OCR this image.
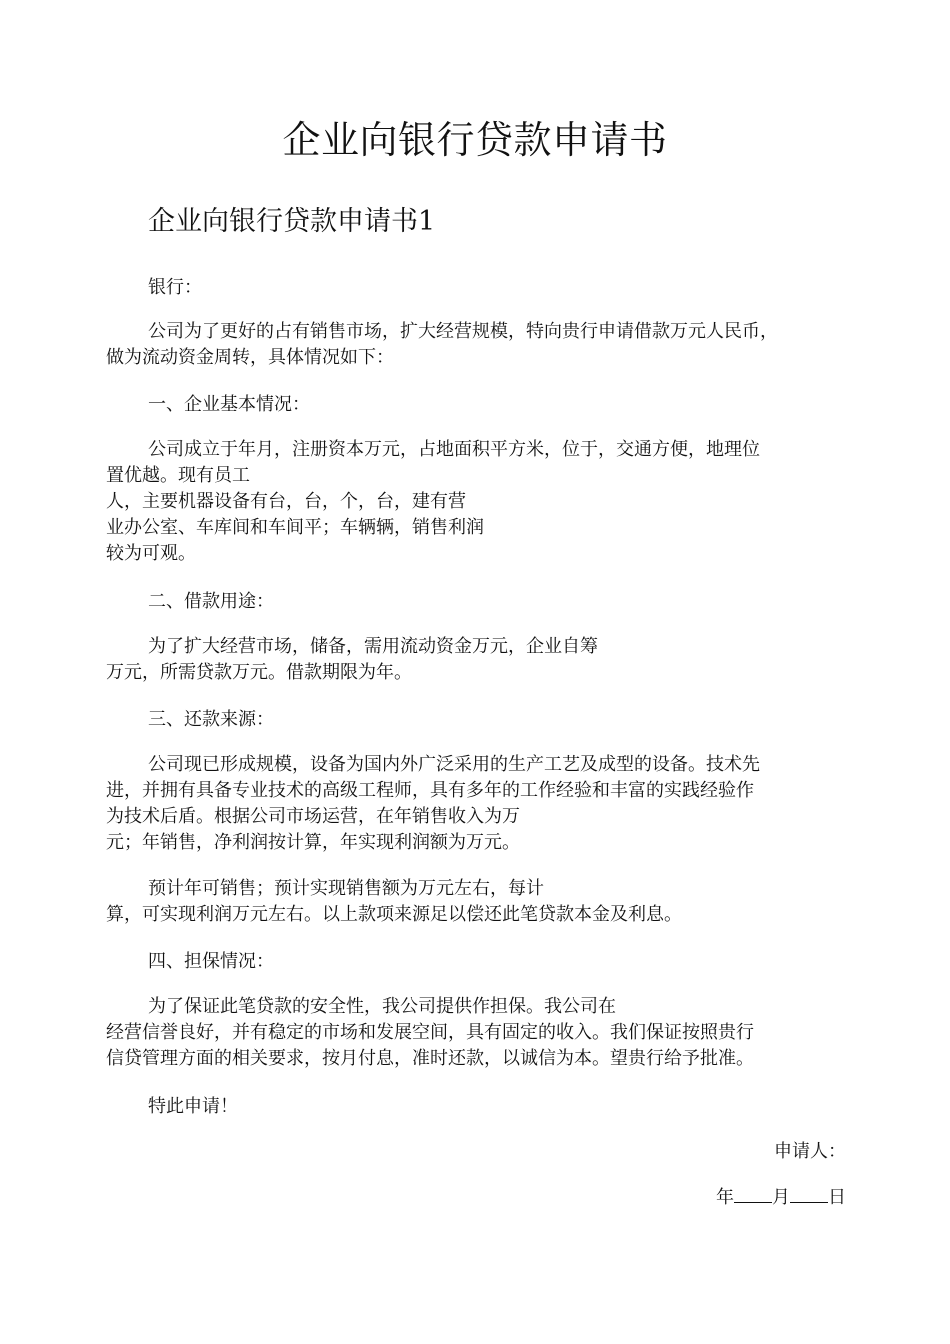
企业向银行贷款申请书
企业向银行贷款申请书1

银行：

公司为了更好的占有销售市场，扩大经营规模，特向贵行申请借款万元人民币，
做为流动资金周转，具体情况如下：

一、企业基本情况：

公司成立于年月，注册资本万元，占地面积平方米，位于，交通方便，地理位
置优越。现有员工
人，主要机器设备有台，台，个，台，建有营
业办公室、车库间和车间平；车辆辆，销售利润
较为可观。

二、借款用途：

为了扩大经营市场，储备，需用流动资金万元，企业自筹
万元，所需贷款万元。借款期限为年。

三、还款来源：

公司现已形成规模，设备为国内外广泛采用的生产工艺及成型的设备。技术先
进，并拥有具备专业技术的高级工程师，具有多年的工作经验和丰富的实践经验作
为技术后盾。根据公司市场运营，在年销售收入为万
元；年销售，净利润按计算，年实现利润额为万元。

预计年可销售；预计实现销售额为万元左右，每计
算，可实现利润万元左右。以上款项来源足以偿还此笔贷款本金及利息。

四、担保情况：

为了保证此笔贷款的安全性，我公司提供作担保。我公司在
经营信誉良好，并有稳定的市场和发展空间，具有固定的收入。我们保证按照贵行
信贷管理方面的相关要求，按月付息，准时还款，以诚信为本。望贵行给予批准。

特此申请！

申请人：
年 月 日
